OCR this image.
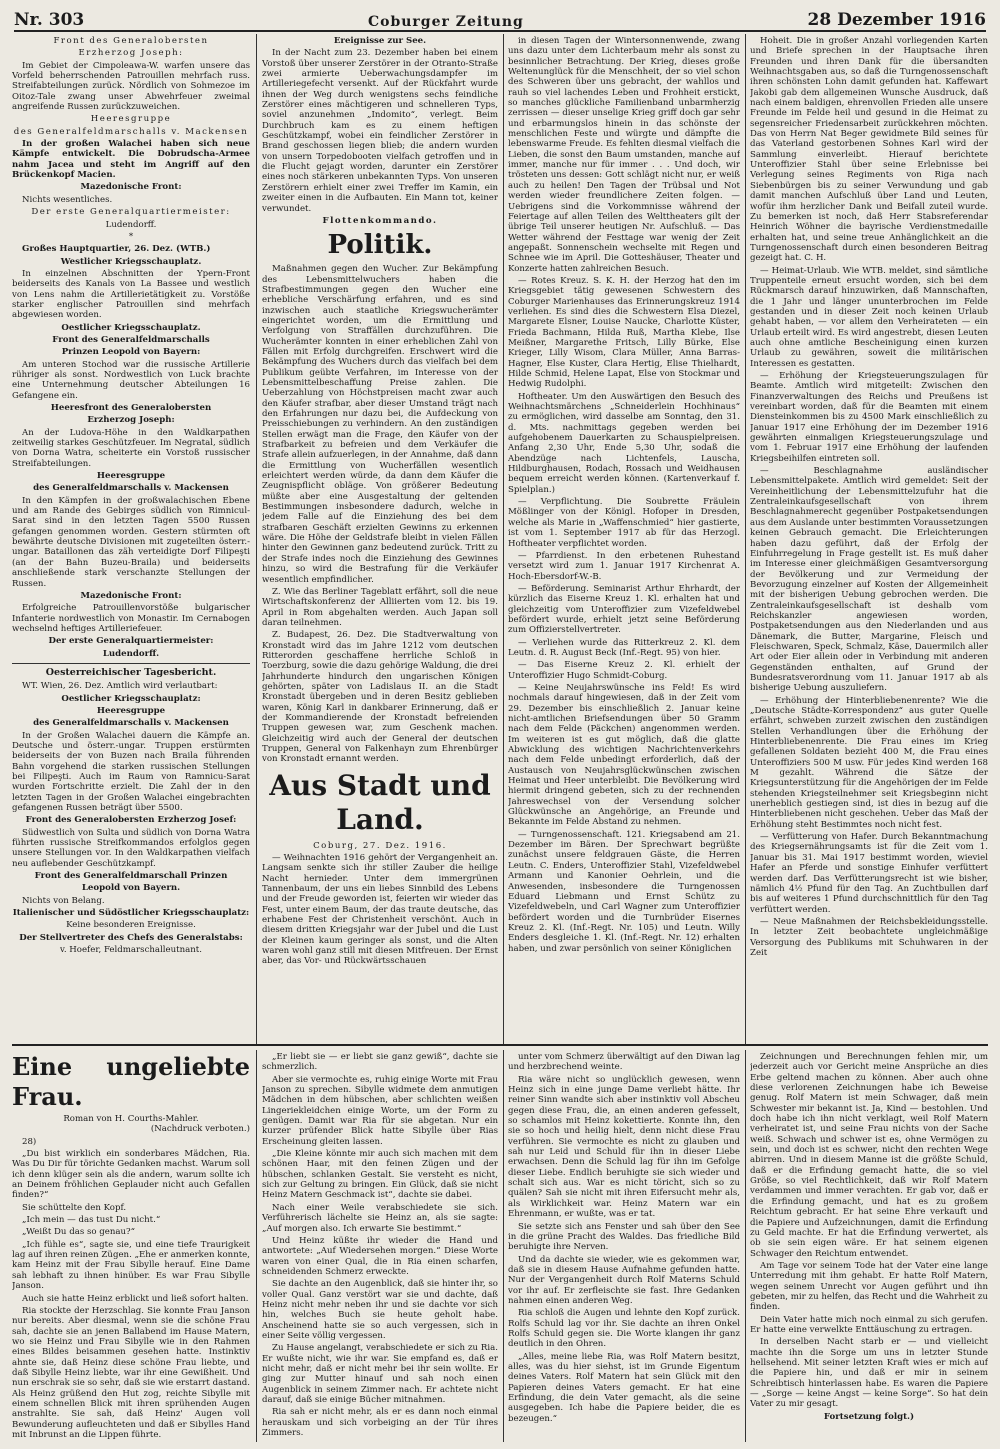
Nr. 303	Coburger Zeitung	28 Dezember 1916

Front des Generalobersten

Erzherzog Joseph:

Im Gebiet der Cimpoleawa-W. warfen unsere das Vorfeld beherrschenden Patrouillen mehrfach russ. Streifabteilungen zurück. Nördlich von Sohmezoe im Oitoz-Tale zwang unser Abwehrfeuer zweimal angreifende Russen zurückzuweichen.

Heeresgruppe

des Generalfeldmarschalls v. Mackensen

In der großen Walachei haben sich neue Kämpfe entwickelt. Die Dobrudscha-Armee nahm Jacea und steht im Angriff auf den Brückenkopf Macien.

Mazedonische Front:

Nichts wesentliches.

Der erste Generalquartiermeister:

Ludendorff.

*

Großes Hauptquartier, 26. Dez. (WTB.)

Westlicher Kriegsschauplatz.

In einzelnen Abschnitten der Ypern-Front beiderseits des Kanals von La Bassee und westlich von Lens nahm die Artillerietätigkeit zu. Vorstöße starker englischer Patrouillen sind mehrfach abgewiesen worden.

Oestlicher Kriegsschauplatz.

Front des Generalfeldmarschalls

Prinzen Leopold von Bayern:

Am unteren Stochod war die russische Artillerie rühriger als sonst. Nordwestlich von Luck brachte eine Unternehmung deutscher Abteilungen 16 Gefangene ein.

Heeresfront des Generalobersten

Erzherzog Joseph:

An der Ludova-Höhe in den Waldkarpathen zeitweilig starkes Geschützfeuer. Im Negratal, südlich von Dorna Watra, scheiterte ein Vorstoß russischer Streifabteilungen.

Heeresgruppe

des Generalfeldmarschalls v. Mackensen

In den Kämpfen in der großwalachischen Ebene und am Rande des Gebirges südlich von Rimnicul-Sarat sind in den letzten Tagen 5500 Russen gefangen genommen worden. Gestern stürmten oft bewährte deutsche Divisionen mit zugeteilten österr.-ungar. Bataillonen das zäh verteidigte Dorf Filipeşti (an der Bahn Buzeu-Braila) und beiderseits anschließende stark verschanzte Stellungen der Russen.

Mazedonische Front:

Erfolgreiche Patrouillenvorstöße bulgarischer Infanterie nordwestlich von Monastir. Im Cernabogen wechselnd heftiges Artilleriefeuer.

Der erste Generalquartiermeister:

Ludendorff.

Oesterreichischer Tagesbericht.

WT. Wien, 26. Dez. Amtlich wird verlautbart:

Oestlicher Kriegsschauplatz:

Heeresgruppe

des Generalfeldmarschalls v. Mackensen

In der Großen Walachei dauern die Kämpfe an. Deutsche und österr.-ungar. Truppen erstürmten beiderseits der von Buzen nach Braila führenden Bahn vorgehend die starken russischen Stellungen bei Filipeşti. Auch im Raum von Ramnicu-Sarat wurden Fortschritte erzielt. Die Zahl der in den letzten Tagen in der Großen Walachei eingebrachten gefangenen Russen beträgt über 5500.

Front des Generalobersten Erzherzog Josef:

Südwestlich von Sulta und südlich von Dorna Watra führten russische Streifkommandos erfolglos gegen unsere Stellungen vor. In den Waldkarpathen vielfach neu auflebender Geschützkampf.

Front des Generalfeldmarschall Prinzen

Leopold von Bayern.

Nichts von Belang.

Italienischer und Südöstlicher Kriegsschauplatz:

Keine besonderen Ereignisse.

Der Stellvertreter des Chefs des Generalstabs:

v. Hoefer, Feldmarschalleutnant.

Ereignisse zur See.

In der Nacht zum 23. Dezember haben bei einem Vorstoß über unserer Zerstörer in der Otranto-Straße zwei armierte Ueberwachungsdampfer im Artilleriegefecht versenkt. Auf der Rückfahrt wurde ihnen der Weg durch wenigstens sechs feindliche Zerstörer eines mächtigeren und schnelleren Typs, soviel anzunehmen „Indomito“, verlegt. Beim Durchbruch kam es zu einem heftigen Geschützkampf, wobei ein feindlicher Zerstörer in Brand geschossen liegen blieb; die andern wurden von unsern Torpedobooten vielfach getroffen und in die Flucht gejagt worden, darunter ein Zerstörer eines noch stärkeren unbekannten Typs. Von unseren Zerstörern erhielt einer zwei Treffer im Kamin, ein zweiter einen in die Aufbauten. Ein Mann tot, keiner verwundet.

Flottenkommando.

Politik.

Maßnahmen gegen den Wucher. Zur Bekämpfung des Lebensmittelwuchers haben die Strafbestimmungen gegen den Wucher eine erhebliche Verschärfung erfahren, und es sind inzwischen auch staatliche Kriegswucherämter eingerichtet worden, um die Ermittlung und Verfolgung von Straffällen durchzuführen. Die Wucherämter konnten in einer erheblichen Zahl von Fällen mit Erfolg durchgreifen. Erschwert wird die Bekämpfung des Wuchers durch das vielfach bei dem Publikum geübte Verfahren, im Interesse von der Lebensmittelbeschaffung Preise zahlen. Die Ueberzahlung von Höchstpreisen macht zwar auch den Käufer strafbar, aber dieser Umstand trägt nach den Erfahrungen nur dazu bei, die Aufdeckung von Preisschiebungen zu verhindern. An den zuständigen Stellen erwägt man die Frage, den Käufer von der Strafbarkeit zu befreien und dem Verkäufer die Strafe allein aufzuerlegen, in der Annahme, daß dann die Ermittlung von Wucherfällen wesentlich erleichtert werden würde, da dann dem Käufer die Zeugnispflicht obläge. Von größerer Bedeutung müßte aber eine Ausgestaltung der geltenden Bestimmungen insbesondere dadurch, welche in jedem Falle auf die Einziehung des bei dem strafbaren Geschäft erzielten Gewinns zu erkennen wäre. Die Höhe der Geldstrafe bleibt in vielen Fällen hinter den Gewinnen ganz bedeutend zurück. Tritt zu der Strafe indes noch die Einziehung des Gewinnes hinzu, so wird die Bestrafung für die Verkäufer wesentlich empfindlicher.

Z. Wie das Berliner Tageblatt erfährt, soll die neue Wirtschaftskonferenz der Alliierten vom 12. bis 19. April in Rom abgehalten werden. Auch Japan soll daran teilnehmen.

Z. Budapest, 26. Dez. Die Stadtverwaltung von Kronstadt wird das im Jahre 1212 vom deutschen Ritterorden geschaffene herrliche Schloß in Toerzburg, sowie die dazu gehörige Waldung, die drei Jahrhunderte hindurch den ungarischen Königen gehörten, später von Ladislaus II. an die Stadt Kronstadt übergeben und in deren Besitz geblieben waren, König Karl in dankbarer Erinnerung, daß er der Kommandierende der Kronstadt befreienden Truppen gewesen war, zum Geschenk machen. Gleichzeitig wird auch der General der deutschen Truppen, General von Falkenhayn zum Ehrenbürger von Kronstadt ernannt werden.

Aus Stadt und Land.

Coburg, 27. Dez. 1916.

— Weihnachten 1916 gehört der Vergangenheit an. Langsam senkte sich ihr stiller Zauber die heilige Nacht hernieder. Unter dem immergrünen Tannenbaum, der uns ein liebes Sinnbild des Lebens und der Freude geworden ist, feierten wir wieder das Fest, unter einem Baum, der das traute deutsche, das erhabene Fest der Christenheit verschönt. Auch in diesem dritten Kriegsjahr war der Jubel und die Lust der Kleinen kaum geringer als sonst, und die Alten waren wohl ganz still mit diesen Mitfreuen. Der Ernst aber, das Vor- und Rückwärtsschauen

in diesen Tagen der Wintersonnenwende, zwang uns dazu unter dem Lichterbaum mehr als sonst zu besinnlicher Betrachtung. Der Krieg, dieses große Weltenunglück für die Menschheit, der so viel schon des Schweren über uns gebracht, der wahllos und rauh so viel lachendes Leben und Frohheit erstickt, so manches glückliche Familienband unbarmherzig zerrissen — dieser unselige Krieg griff doch gar sehr und erbarmungslos hinein in das schönste der menschlichen Feste und würgte und dämpfte die lebenswarme Freude. Es fehlten diesmal vielfach die Lieben, die sonst den Baum umstanden, manche auf immer, manche nur für immer . . . Und doch, wir trösteten uns dessen: Gott schlägt nicht nur, er weiß auch zu heilen! Den Tagen der Trübsal und Not werden wieder freundlichere Zeiten folgen. — Uebrigens sind die Vorkommnisse während der Feiertage auf allen Teilen des Welttheaters gilt der übrige Teil unserer heutigen Nr. Aufschluß. — Das Wetter während der Festtage war wenig der Zeit angepaßt. Sonnenschein wechselte mit Regen und Schnee wie im April. Die Gotteshäuser, Theater und Konzerte hatten zahlreichen Besuch.

— Rotes Kreuz. S. K. H. der Herzog hat den im Kriegsgebiet tätig gewesenen Schwestern des Coburger Marienhauses das Erinnerungskreuz 1914 verliehen. Es sind dies die Schwestern Elsa Diezel, Margarete Elsner, Louise Naucke, Charlotte Küster, Frieda Bachmann, Hilda Ruß, Martha Klebe, Ilse Meißner, Margarethe Fritsch, Lilly Bürke, Else Krieger, Lilly Wisom, Clara Müller, Anna Barras-Hagner, Else Kuster, Clara Hertig, Elise Thielhardt, Hilde Schmid, Helene Lapat, Else von Stockmar und Hedwig Rudolphi.

Hoftheater. Um den Auswärtigen den Besuch des Weihnachtsmärchens „Schneiderlein Hochhinaus“ zu ermöglichen, wird dasselbe am Sonntag, den 31. d. Mts. nachmittags gegeben werden bei aufgehobenem Dauerkarten zu Schauspielpreisen. Anfang 2,30 Uhr, Ende 5,30 Uhr, sodaß die Abendzüge nach Lichtenfels, Lauscha, Hildburghausen, Rodach, Rossach und Weidhausen bequem erreicht werden können. (Kartenverkauf f. Spielplan.)

— Verpflichtung. Die Soubrette Fräulein Mößlinger von der Königl. Hofoper in Dresden, welche als Marie in „Waffenschmied“ hier gastierte, ist vom 1. September 1917 ab für das Herzogl. Hoftheater verpflichtet worden.

— Pfarrdienst. In den erbetenen Ruhestand versetzt wird zum 1. Januar 1917 Kirchenrat A. Hoch-Ebersdorf-W.-B.

— Beförderung. Seminarist Arthur Ehrhardt, der kürzlich das Eiserne Kreuz 1. Kl. erhalten hat und gleichzeitig vom Unteroffizier zum Vizefeldwebel befördert wurde, erhielt jetzt seine Beförderung zum Offizierstellvertreter.

— Verliehen wurde das Ritterkreuz 2. Kl. dem Leutn. d. R. August Beck (Inf.-Regt. 95) von hier.

— Das Eiserne Kreuz 2. Kl. erhielt der Unteroffizier Hugo Schmidt-Coburg.

— Keine Neujahrswünsche ins Feld! Es wird nochmals darauf hingewiesen, daß in der Zeit vom 29. Dezember bis einschließlich 2. Januar keine nicht-amtlichen Briefsendungen über 50 Gramm nach dem Felde (Päckchen) angenommen werden. Im weiteren ist es gut möglich, daß die glatte Abwicklung des wichtigen Nachrichtenverkehrs nach dem Felde unbedingt erforderlich, daß der Austausch von Neujahrsglückwünschen zwischen Heimat und Heer unterbleibt. Die Bevölkerung wird hiermit dringend gebeten, sich zu der rechnenden Jahreswechsel von der Versendung solcher Glückwünsche an Angehörige, an Freunde und Bekannte im Felde Abstand zu nehmen.

— Turngenossenschaft. 121. Kriegsabend am 21. Dezember im Bären. Der Sprechwart begrüßte zunächst unsere feldgrauen Gäste, die Herren Leutn. C. Enders, Unteroffizier Stahl, Vizefeldwebel Armann und Kanonier Oehrlein, und die Anwesenden, insbesondere die Turngenossen Eduard Liebmann und Ernst Schütz zu Vizefeldwebeln, und Carl Wagner zum Unteroffizier befördert worden und die Turnbrüder Eisernes Kreuz 2. Kl. (Inf.-Regt. Nr. 105) und Leutn. Willy Enders desgleiche 1. Kl. (Inf.-Regt. Nr. 12) erhalten haben, und zwar persönlich von seiner Königlichen

Hoheit. Die in großer Anzahl vorliegenden Karten und Briefe sprechen in der Hauptsache ihren Freunden und ihren Dank für die übersandten Weihnachtsgaben aus, so daß die Turngenossenschaft ihren schönsten Lohn damit gefunden hat. Kaffewart Jakobi gab dem allgemeinen Wunsche Ausdruck, daß nach einem baldigen, ehrenvollen Frieden alle unsere Freunde im Felde heil und gesund in die Heimat zu segensreicher Friedensarbeit zurückkehren möchten. Das von Herrn Nat Beger gewidmete Bild seines für das Vaterland gestorbenen Sohnes Karl wird der Sammlung einverleibt. Hierauf berichtete Unteroffizier Stahl über seine Erlebnisse bei Verlegung seines Regiments von Riga nach Siebenbürgen bis zu seiner Verwundung und gab damit manchen Aufschluß über Land und Leuten, wofür ihm herzlicher Dank und Beifall zuteil wurde. Zu bemerken ist noch, daß Herr Stabsreferendar Heinrich Wöhner die bayrische Verdienstmedaille erhalten hat, und seine treue Anhänglichkeit an die Turngenossenschaft durch einen besonderen Beitrag gezeigt hat. C. H.

— Heimat-Urlaub. Wie WTB. meldet, sind sämtliche Truppenteile erneut ersucht worden, sich bei dem Rückmarsch darauf hinzuwirken, daß Mannschaften, die 1 Jahr und länger ununterbrochen im Felde gestanden und in dieser Zeit noch keinen Urlaub gehabt haben, — vor allem den Verheirateten — ein Urlaub erteilt wird. Es wird angestrebt, diesen Leuten auch ohne amtliche Bescheinigung einen kurzen Urlaub zu gewähren, soweit die militärischen Interessen es gestatten.

— Erhöhung der Kriegsteuerungszulagen für Beamte. Amtlich wird mitgeteilt: Zwischen den Finanzverwaltungen des Reichs und Preußens ist vereinbart worden, daß für die Beamten mit einem Diensteinkommen bis zu 4500 Mark einschließlich zu Januar 1917 eine Erhöhung der im Dezember 1916 gewährten einmaligen Kriegsteuerungszulage und vom 1. Februar 1917 eine Erhöhung der laufenden Kriegsbeihilfen eintreten soll.

— Beschlagnahme ausländischer Lebensmittelpakete. Amtlich wird gemeldet: Seit der Vereinheitlichung der Lebensmittelzufuhr hat die Zentraleinkaufsgesellschaft von ihrem Beschlagnahmerecht gegenüber Postpaketsendungen aus dem Auslande unter bestimmten Voraussetzungen keinen Gebrauch gemacht. Die Erleichterungen haben dazu geführt, daß der Erfolg der Einfuhrregelung in Frage gestellt ist. Es muß daher im Interesse einer gleichmäßigen Gesamtversorgung der Bevölkerung und zur Vermeidung der Bevorzugung einzelner auf Kosten der Allgemeinheit mit der bisherigen Uebung gebrochen werden. Die Zentraleinkaufsgesellschaft ist deshalb vom Reichskanzler angewiesen worden, Postpaketsendungen aus den Niederlanden und aus Dänemark, die Butter, Margarine, Fleisch und Fleischwaren, Speck, Schmalz, Käse, Dauermilch aller Art oder Eier allein oder in Verbindung mit anderen Gegenständen enthalten, auf Grund der Bundesratsverordnung vom 11. Januar 1917 ab als bisherige Uebung auszuliefern.

— Erhöhung der Hinterbliebenenrente? Wie die „Deutsche Städte-Korrespondenz“ aus guter Quelle erfährt, schweben zurzeit zwischen den zuständigen Stellen Verhandlungen über die Erhöhung der Hinterbliebenenrente. Die Frau eines im Krieg gefallenen Soldaten bezieht 400 M, die Frau eines Unteroffiziers 500 M usw. Für jedes Kind werden 168 M gezahlt. Während die Sätze der Kriegsunterstützung für die Angehörigen der im Felde stehenden Kriegsteilnehmer seit Kriegsbeginn nicht unerheblich gestiegen sind, ist dies in bezug auf die Hinterbliebenen nicht geschehen. Ueber das Maß der Erhöhung steht Bestimmtes noch nicht fest.

— Verfütterung von Hafer. Durch Bekanntmachung des Kriegsernährungsamts ist für die Zeit vom 1. Januar bis 31. Mai 1917 bestimmt worden, wieviel Hafer an Pferde und sonstige Einhufer verfüttert werden darf. Das Verfütterungsrecht ist wie bisher, nämlich 4½ Pfund für den Tag. An Zuchtbullen darf bis auf weiteres 1 Pfund durchschnittlich für den Tag verfüttert werden.

— Neue Maßnahmen der Reichsbekleidungsstelle. In letzter Zeit beobachtete ungleichmäßige Versorgung des Publikums mit Schuhwaren in der Zeit

Eine ungeliebte Frau.
Roman von H. Courths-Mahler.
(Nachdruck verboten.)

28)

„Du bist wirklich ein sonderbares Mädchen, Ria. Was Du Dir für törichte Gedanken machst. Warum soll ich denn klüger sein als die andern, warum sollte ich an Deinem fröhlichen Geplauder nicht auch Gefallen finden?“

Sie schüttelte den Kopf.

„Ich mein — das tust Du nicht.“

„Weißt Du das so genau?“

„Ich fühle es“, sagte sie, und eine tiefe Traurigkeit lag auf ihren reinen Zügen. „Ehe er anmerken konnte, kam Heinz mit der Frau Sibylle herauf. Eine Dame sah lebhaft zu ihnen hinüber. Es war Frau Sibylle Janson.

Auch sie hatte Heinz erblickt und ließ sofort halten.

Ria stockte der Herzschlag. Sie konnte Frau Janson nur bereits. Aber diesmal, wenn sie die schöne Frau sah, dachte sie an jenen Ballabend im Hause Matern, wo sie Heinz und Frau Sibylle wie in den Rahmen eines Bildes beisammen gesehen hatte. Instinktiv ahnte sie, daß Heinz diese schöne Frau liebte, und daß Sibylle Heinz liebte, war ihr eine Gewißheit. Und nun erschrak sie so sehr, daß sie wie erstarrt dastand. Als Heinz grüßend den Hut zog, reichte Sibylle mit einem schnellen Blick mit ihren sprühenden Augen anstrahlte. Sie sah, daß Heinz' Augen voll Bewunderung aufleuchteten und daß er Sibylles Hand mit Inbrunst an die Lippen führte.

„Er liebt sie — er liebt sie ganz gewiß“, dachte sie schmerzlich.

Aber sie vermochte es, ruhig einige Worte mit Frau Janson zu sprechen. Sibylle widmete dem anmutigen Mädchen in dem hübschen, aber schlichten weißen Lingeriekleidchen einige Worte, um der Form zu genügen. Damit war Ria für sie abgetan. Nur ein kurzer prüfender Blick hatte Sibylle über Rias Erscheinung gleiten lassen.

„Die Kleine könnte mir auch sich machen mit dem schönen Haar, mit den feinen Zügen und der hübschen, schlanken Gestalt. Sie versteht es nicht, sich zur Geltung zu bringen. Ein Glück, daß sie nicht Heinz Matern Geschmack ist“, dachte sie dabei.

Nach einer Weile verabschiedete sie sich. Verführerisch lächelte sie Heinz an, als sie sagte: „Auf morgen also. Ich erwarte Sie bestimmt.“

Und Heinz küßte ihr wieder die Hand und antwortete: „Auf Wiedersehen morgen.“ Diese Worte waren von einer Qual, die in Ria einen scharfen, schneidenden Schmerz erweckte.

Sie dachte an den Augenblick, daß sie hinter ihr, so voller Qual. Ganz verstört war sie und dachte, daß Heinz nicht mehr neben ihr und sie dachte vor sich hin, welches Buch sie heute geholt habe. Anscheinend hatte sie so auch vergessen, sich in einer Seite völlig vergessen.

Zu Hause angelangt, verabschiedete er sich zu Ria. Er wußte nicht, wie ihr war. Sie empfand es, daß er nicht mehr, daß er nicht mehr bei ihr sein wollte. Er ging zur Mutter hinauf und sah noch einen Augenblick in seinem Zimmer nach. Er achtete nicht darauf, daß sie einige Bücher mitnahmen.

Ria sah er nicht mehr, als er es dann noch einmal herauskam und sich vorbeiging an der Tür ihres Zimmers.

unter vom Schmerz überwältigt auf den Diwan lag und herzbrechend weinte.

Ria wäre nicht so unglücklich gewesen, wenn Heinz sich in eine junge Dame verliebt hätte. Ihr reiner Sinn wandte sich aber instinktiv voll Abscheu gegen diese Frau, die, an einen anderen gefesselt, so schamlos mit Heinz kokettierte. Konnte ihn, den sie so hoch und heilig hielt, denn nicht diese Frau verführen. Sie vermochte es nicht zu glauben und sah nur Leid und Schuld für ihn in dieser Liebe erwachsen. Denn die Schuld lag für ihn im Gefolge dieser Liebe. Endlich beruhigte sie sich wieder und schalt sich aus. War es nicht töricht, sich so zu quälen? Sah sie nicht mit ihren Eifersucht mehr als, als Wirklichkeit war. Heinz Matern war ein Ehrenmann, er wußte, was er tat.

Sie setzte sich ans Fenster und sah über den See in die grüne Pracht des Waldes. Das friedliche Bild beruhigte ihre Nerven.

Und da dachte sie wieder, wie es gekommen war, daß sie in diesem Hause Aufnahme gefunden hatte. Nur der Vergangenheit durch Rolf Materns Schuld vor ihr auf. Er zerfleischte sie fast. Ihre Gedanken nahmen einen anderen Weg.

Ria schloß die Augen und lehnte den Kopf zurück. Rolfs Schuld lag vor ihr. Sie dachte an ihren Onkel Rolfs Schuld gegen sie. Die Worte klangen ihr ganz deutlich in den Ohren.

„Alles, meine liebe Ria, was Rolf Matern besitzt, alles, was du hier siehst, ist im Grunde Eigentum deines Vaters. Rolf Matern hat sein Glück mit den Papieren deines Vaters gemacht. Er hat eine Erfindung, die dein Vater gemacht, als die seine ausgegeben. Ich habe die Papiere beider, die es bezeugen.“

Zeichnungen und Berechnungen fehlen mir, um jederzeit auch vor Gericht meine Ansprüche an dies Erbe geltend machen zu können. Aber auch ohne diese verlorenen Zeichnungen habe ich Beweise genug. Rolf Matern ist mein Schwager, daß mein Schwester mir bekannt ist. Ja, Kind — bestohlen. Und doch habe ich ihn nicht verklagt, weil Rolf Matern verheiratet ist, und seine Frau nichts von der Sache weiß. Schwach und schwer ist es, ohne Vermögen zu sein, und doch ist es schwer, nicht den rechten Wege abirren. Und in diesem Manne ist die größte Schuld, daß er die Erfindung gemacht hatte, die so viel Größe, so viel Rechtlichkeit, daß wir Rolf Matern verdammen und immer verachten. Er gab vor, daß er die Erfindung gemacht, und hat es zu großem Reichtum gebracht. Er hat seine Ehre verkauft und die Papiere und Aufzeichnungen, damit die Erfindung zu Geld machte. Er hat die Erfindung verwertet, als ob sie sein eigen wäre. Er hat seinem eigenen Schwager den Reichtum entwendet.

Am Tage vor seinem Tode hat der Vater eine lange Unterredung mit ihm gehabt. Er hatte Rolf Matern, wegen seinem Unrecht vor Augen geführt und ihn gebeten, mir zu helfen, das Recht und die Wahrheit zu finden.

Dein Vater hatte mich noch einmal zu sich gerufen. Er hatte eine verwelkte Enttäuschung zu ertragen.

In derselben Nacht starb er — und vielleicht machte ihn die Sorge um uns in letzter Stunde hellsehend. Mit seiner letzten Kraft wies er mich auf die Papiere hin, und daß er mir in seinem Schreibtisch hinterlassen habe. Es waren die Papiere — „Sorge — keine Angst — keine Sorge“. So hat dein Vater zu mir gesagt.

Fortsetzung folgt.)
